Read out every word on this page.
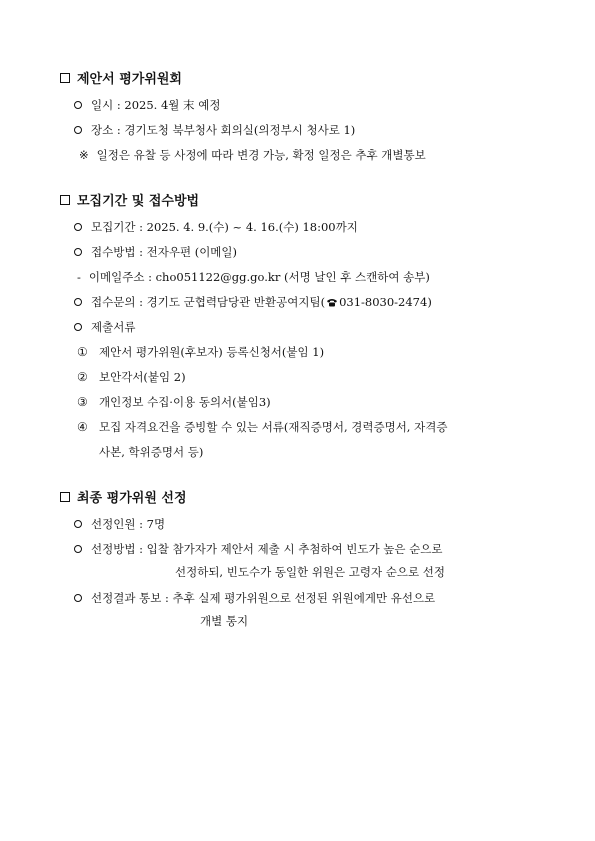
제안서 평가위원회
일시 : 2025. 4월 末 예정
장소 : 경기도청 북부청사 회의실(의정부시 청사로 1)
※ 일정은 유찰 등 사정에 따라 변경 가능, 확정 일정은 추후 개별통보
모집기간 및 접수방법
모집기간 : 2025. 4. 9.(수) ~ 4. 16.(수) 18:00까지
접수방법 : 전자우편 (이메일)
- 이메일주소 : cho051122@gg.go.kr (서명 날인 후 스캔하여 송부)
접수문의 : 경기도 군협력담당관 반환공여지팀( 031-8030-2474)
제출서류
① 제안서 평가위원(후보자) 등록신청서(붙임 1)
② 보안각서(붙임 2)
③ 개인정보 수집·이용 동의서(붙임3)
④ 모집 자격요건을 증빙할 수 있는 서류(재직증명서, 경력증명서, 자격증
사본, 학위증명서 등)
최종 평가위원 선정
선정인원 : 7명
선정방법 : 입찰 참가자가 제안서 제출 시 추첨하여 빈도가 높은 순으로
선정하되, 빈도수가 동일한 위원은 고령자 순으로 선정
선정결과 통보 : 추후 실제 평가위원으로 선정된 위원에게만 유선으로
개별 통지
